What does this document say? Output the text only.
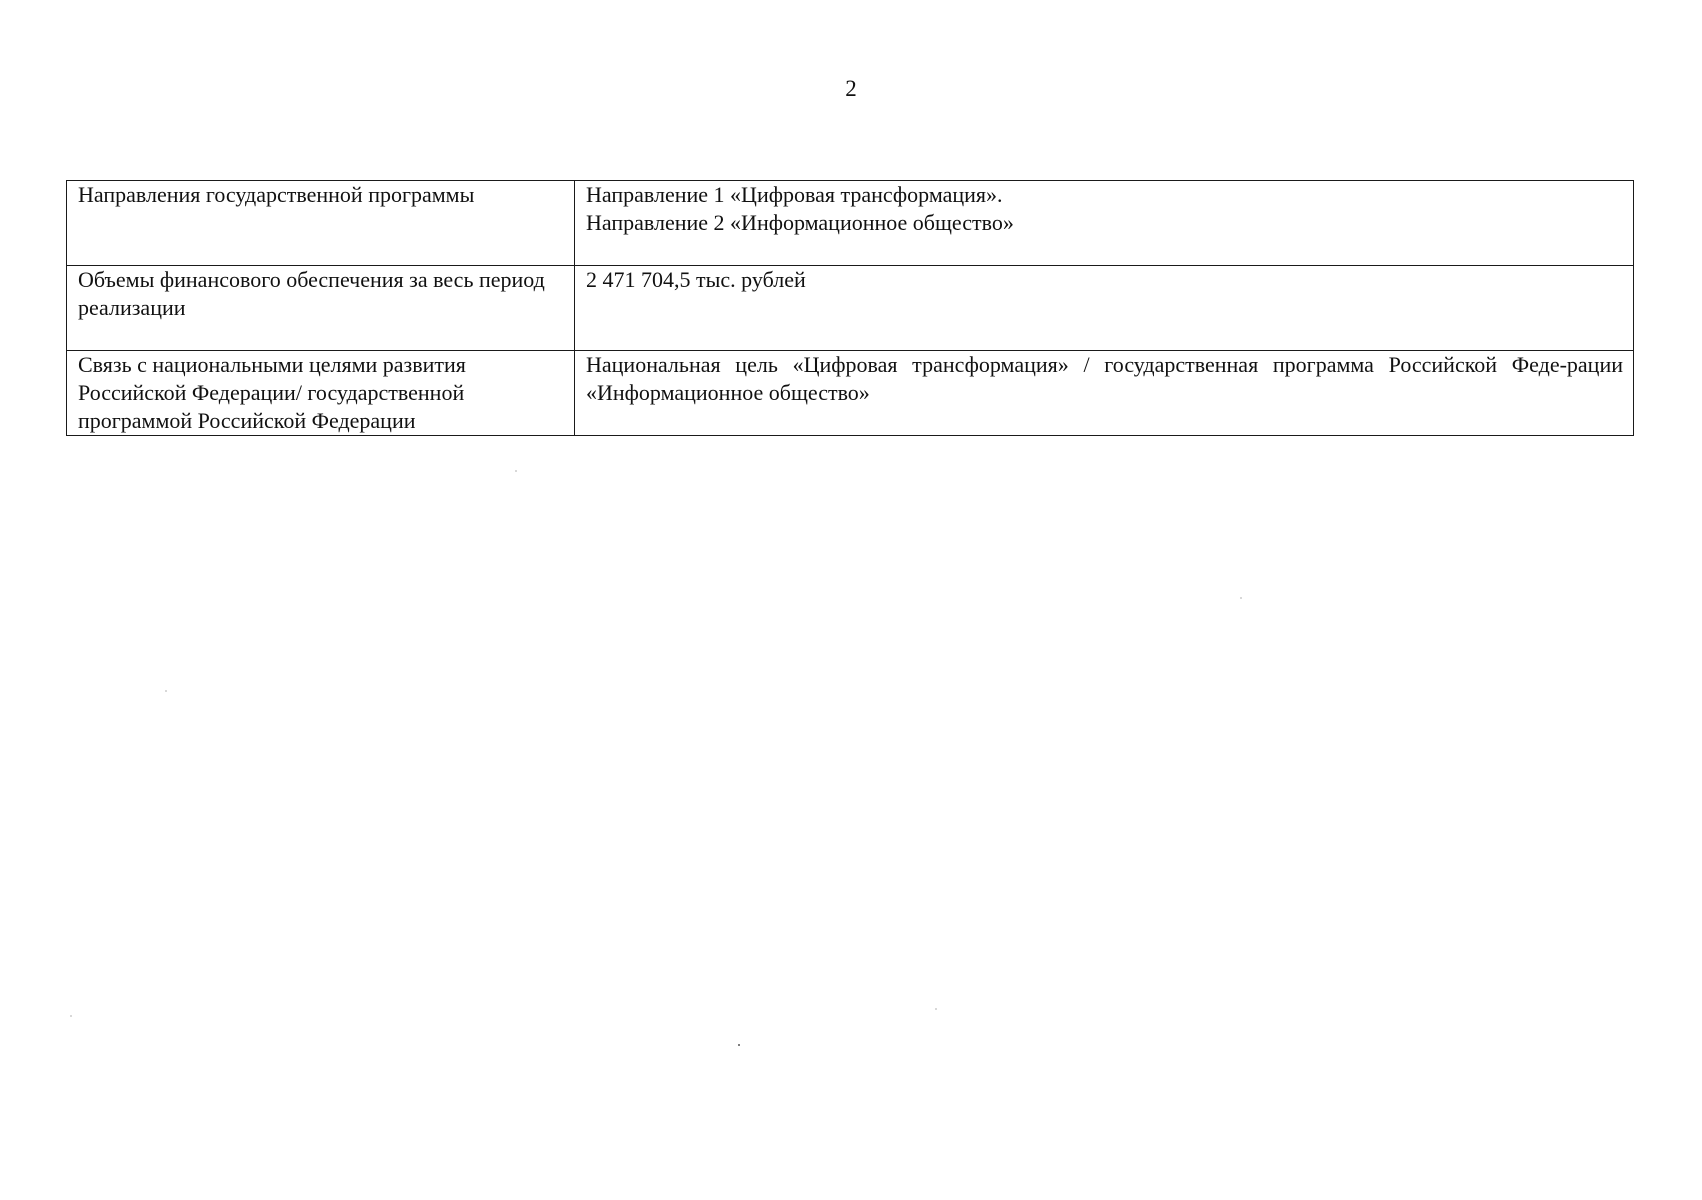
2
Направления государственной программы	Направление 1 «Цифровая трансформация».
Направление 2 «Информационное общество»

Объемы финансового обеспечения за весь период реализации	2 471 704,5 тыс. рублей

Связь с национальными целями развития Российской Федерации/ государственной программой Российской Федерации	Национальная цель «Цифровая трансформация» / государственная программа Российской Феде-рации «Информационное общество»
